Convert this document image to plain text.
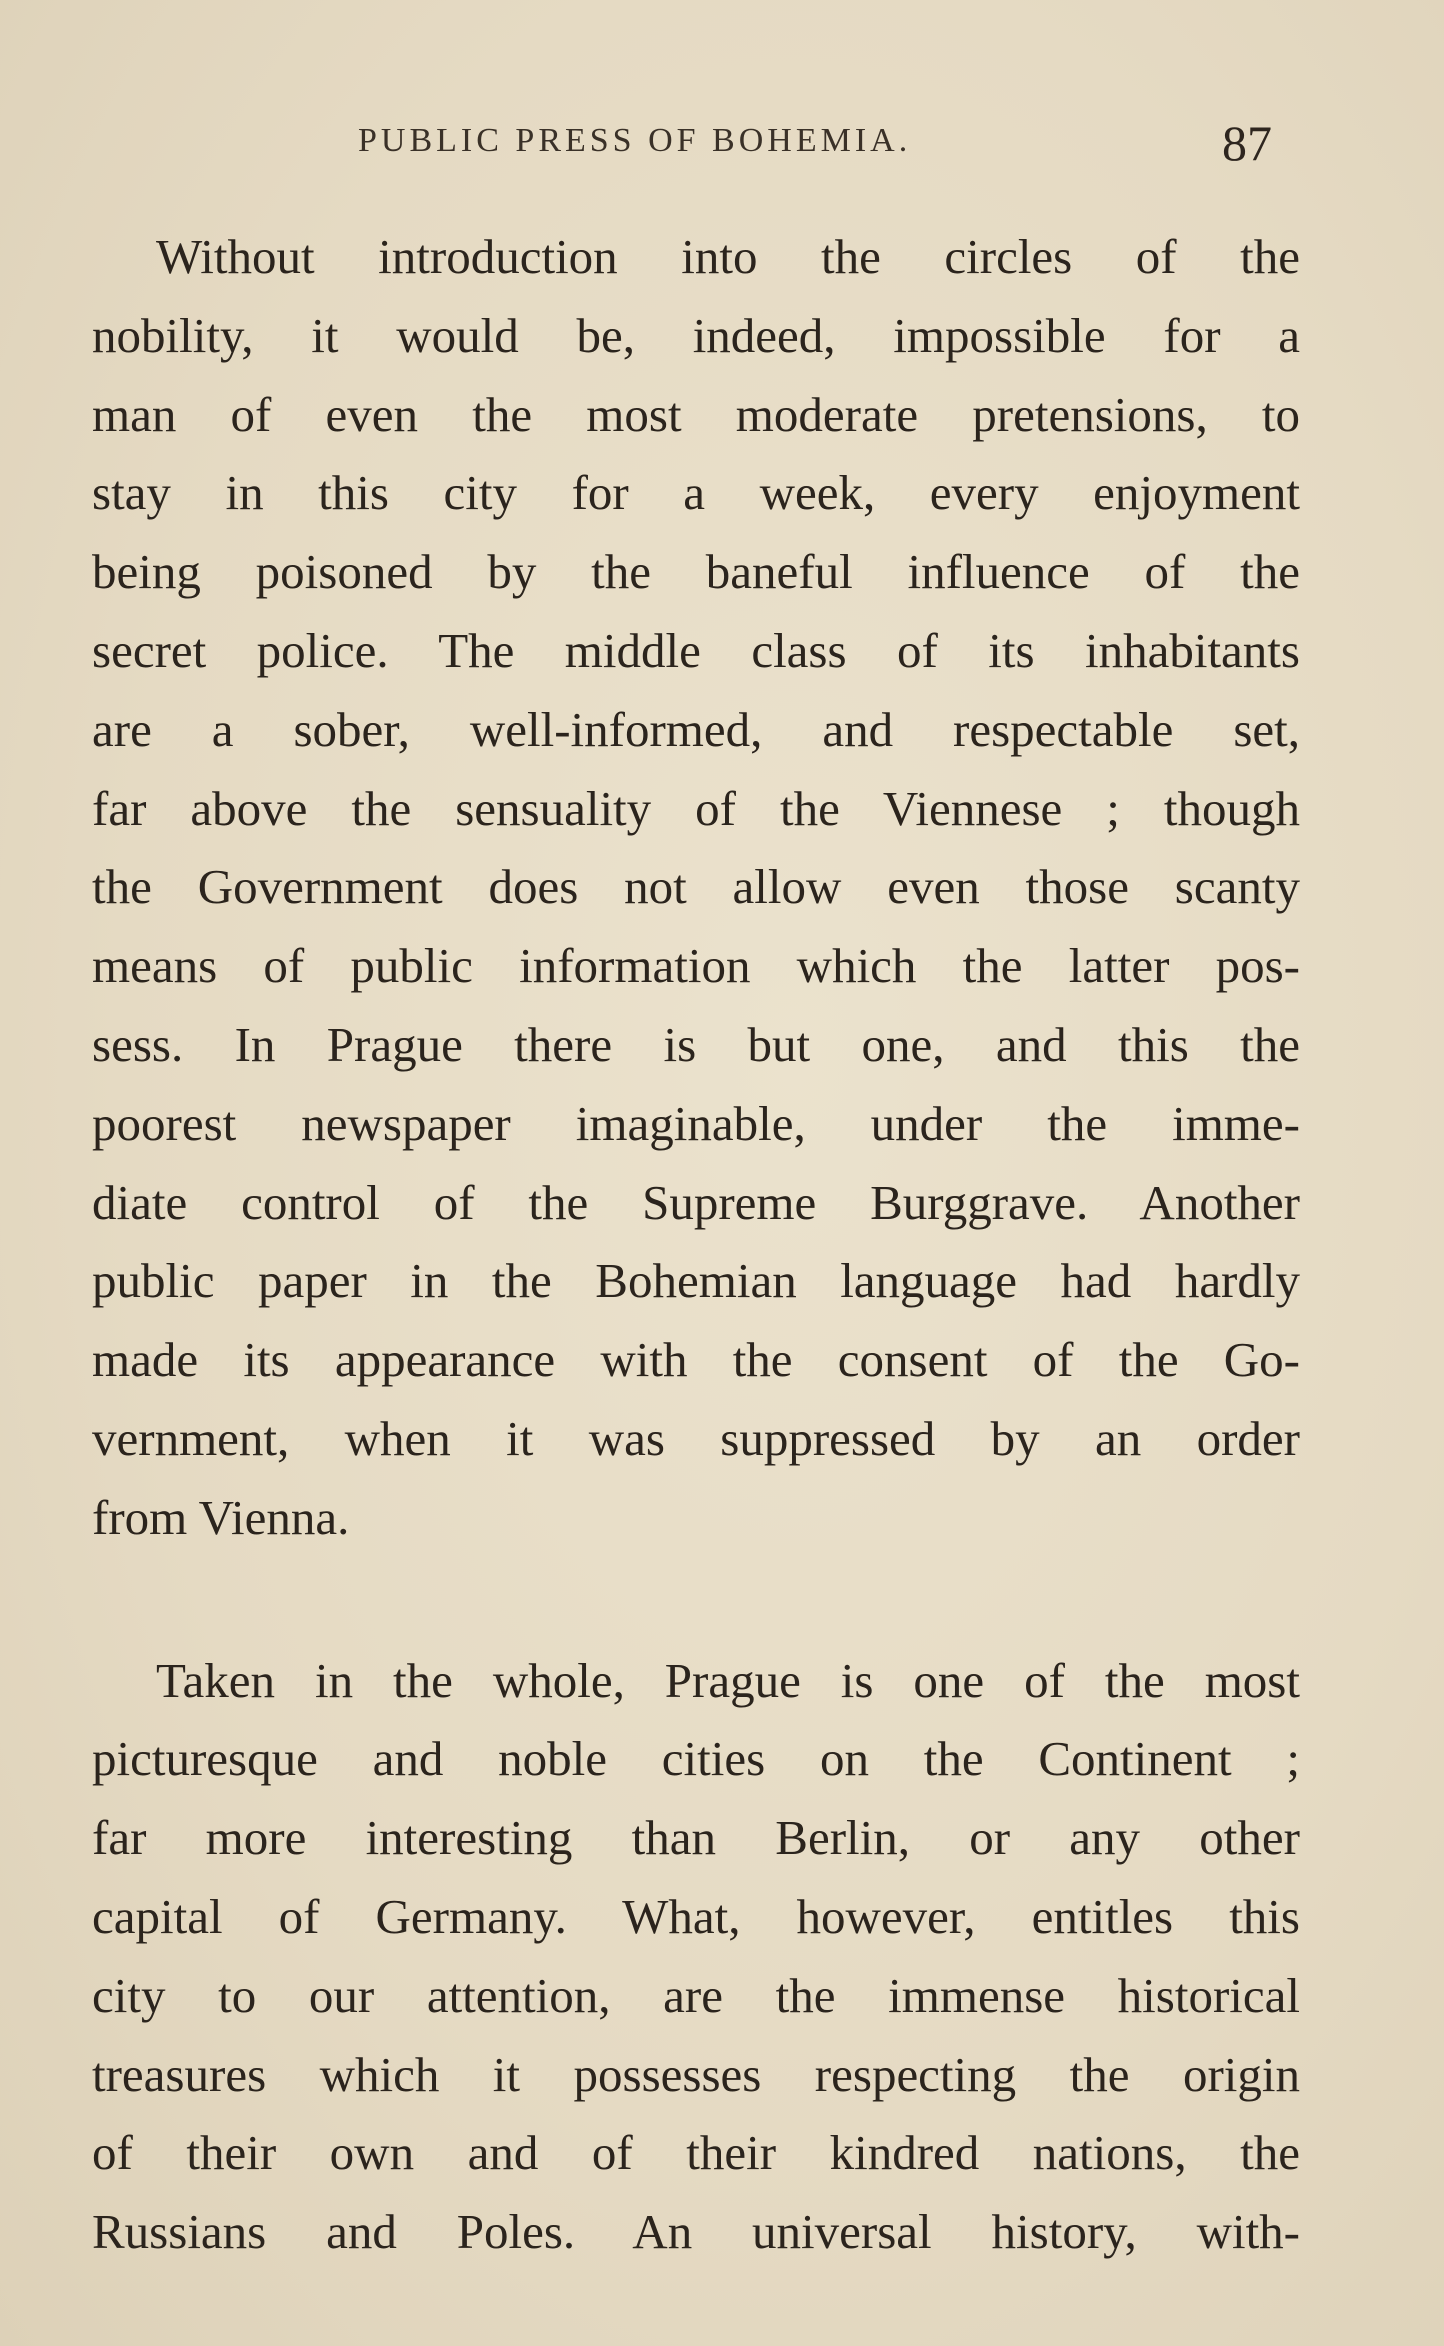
PUBLIC PRESS OF BOHEMIA.	87
Without introduction into the circles of the
nobility, it would be, indeed, impossible for a
man of even the most moderate pretensions, to
stay in this city for a week, every enjoyment
being poisoned by the baneful influence of the
secret police. The middle class of its inhabitants
are a sober, well-informed, and respectable set,
far above the sensuality of the Viennese ; though
the Government does not allow even those scanty
means of public information which the latter pos-
sess. In Prague there is but one, and this the
poorest newspaper imaginable, under the imme-
diate control of the Supreme Burggrave. Another
public paper in the Bohemian language had hardly
made its appearance with the consent of the Go-
vernment, when it was suppressed by an order
from Vienna.
Taken in the whole, Prague is one of the most
picturesque and noble cities on the Continent ;
far more interesting than Berlin, or any other
capital of Germany. What, however, entitles this
city to our attention, are the immense historical
treasures which it possesses respecting the origin
of their own and of their kindred nations, the
Russians and Poles. An universal history, with-
